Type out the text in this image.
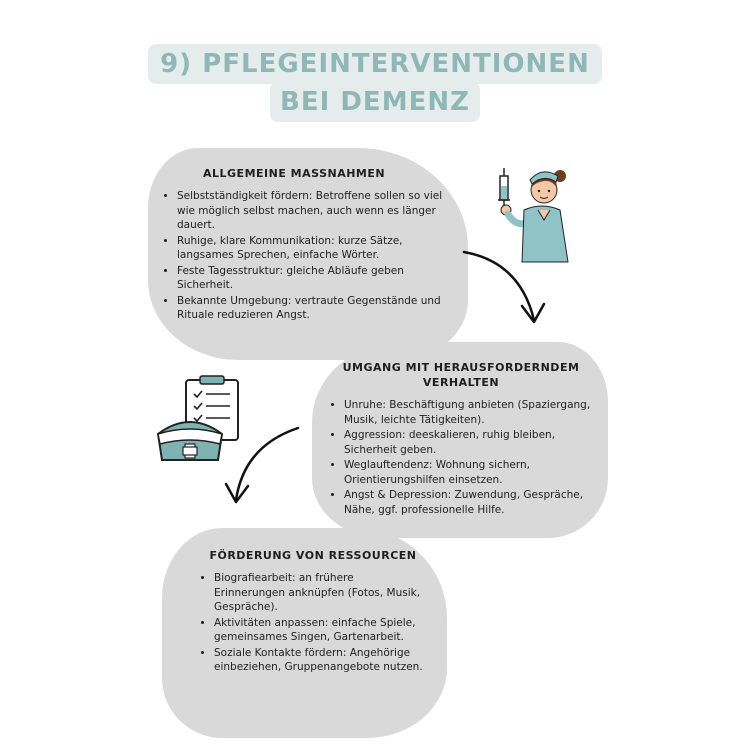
9) PFLEGEINTERVENTIONEN
BEI DEMENZ
ALLGEMEINE MASSNAHMEN
• Selbstständigkeit fördern: Betroffene sollen so viel wie möglich selbst machen, auch wenn es länger dauert.
• Ruhige, klare Kommunikation: kurze Sätze, langsames Sprechen, einfache Wörter.
• Feste Tagesstruktur: gleiche Abläufe geben Sicherheit.
• Bekannte Umgebung: vertraute Gegenstände und Rituale reduzieren Angst.
UMGANG MIT HERAUSFORDERNDEM VERHALTEN
• Unruhe: Beschäftigung anbieten (Spaziergang, Musik, leichte Tätigkeiten).
• Aggression: deeskalieren, ruhig bleiben, Sicherheit geben.
• Weglauftendenz: Wohnung sichern, Orientierungshilfen einsetzen.
• Angst & Depression: Zuwendung, Gespräche, Nähe, ggf. professionelle Hilfe.
FÖRDERUNG VON RESSOURCEN
• Biografiearbeit: an frühere Erinnerungen anknüpfen (Fotos, Musik, Gespräche).
• Aktivitäten anpassen: einfache Spiele, gemeinsames Singen, Gartenarbeit.
• Soziale Kontakte fördern: Angehörige einbeziehen, Gruppenangebote nutzen.
